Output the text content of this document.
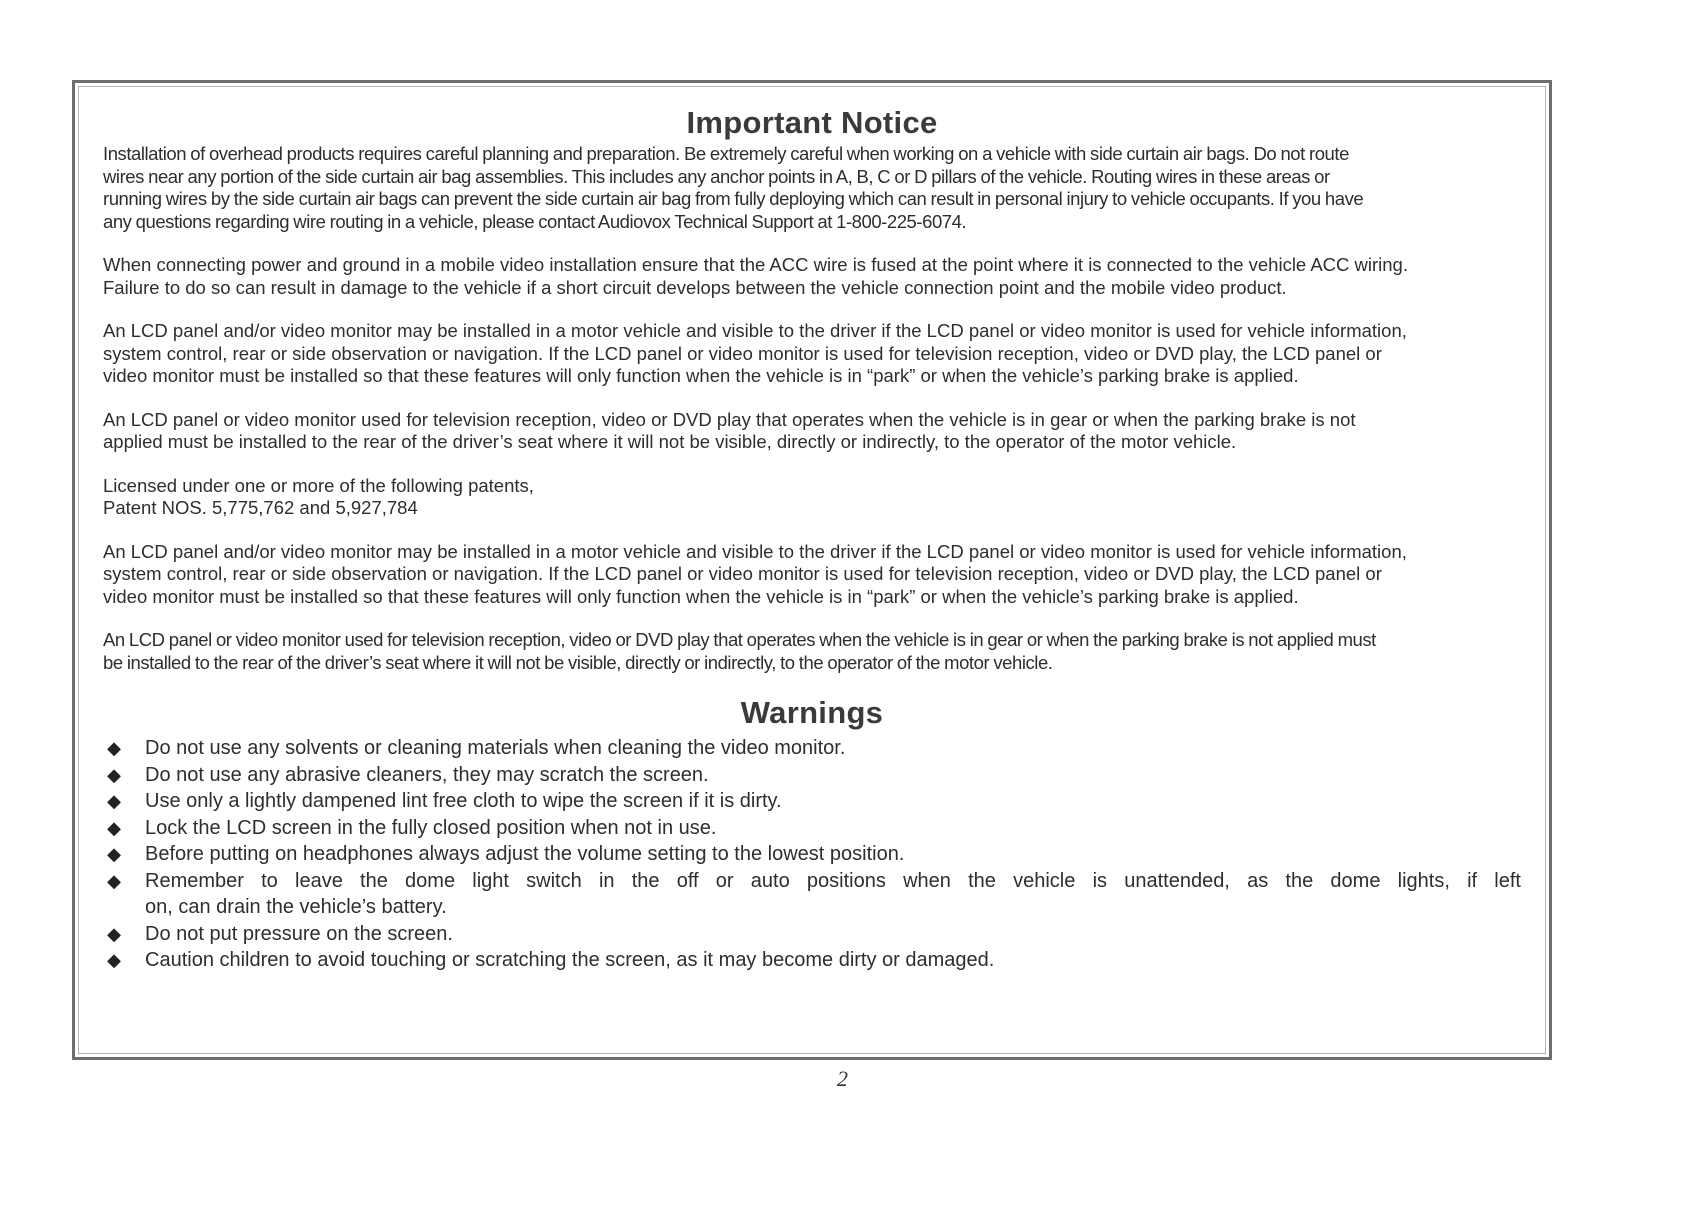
Important Notice

Installation of overhead products requires careful planning and preparation. Be extremely careful when working on a vehicle with side curtain air bags. Do not route
wires near any portion of the side curtain air bag assemblies. This includes any anchor points in A, B, C or D pillars of the vehicle. Routing wires in these areas or
running wires by the side curtain air bags can prevent the side curtain air bag from fully deploying which can result in personal injury to vehicle occupants. If you have
any questions regarding wire routing in a vehicle, please contact Audiovox Technical Support at 1-800-225-6074.

When connecting power and ground in a mobile video installation ensure that the ACC wire is fused at the point where it is connected to the vehicle ACC wiring.
Failure to do so can result in damage to the vehicle if a short circuit develops between the vehicle connection point and the mobile video product.

An LCD panel and/or video monitor may be installed in a motor vehicle and visible to the driver if the LCD panel or video monitor is used for vehicle information,
system control, rear or side observation or navigation. If the LCD panel or video monitor is used for television reception, video or DVD play, the LCD panel or
video monitor must be installed so that these features will only function when the vehicle is in “park” or when the vehicle’s parking brake is applied.

An LCD panel or video monitor used for television reception, video or DVD play that operates when the vehicle is in gear or when the parking brake is not
applied must be installed to the rear of the driver’s seat where it will not be visible, directly or indirectly, to the operator of the motor vehicle.

Licensed under one or more of the following patents,
Patent NOS. 5,775,762 and 5,927,784

An LCD panel and/or video monitor may be installed in a motor vehicle and visible to the driver if the LCD panel or video monitor is used for vehicle information,
system control, rear or side observation or navigation. If the LCD panel or video monitor is used for television reception, video or DVD play, the LCD panel or
video monitor must be installed so that these features will only function when the vehicle is in “park” or when the vehicle’s parking brake is applied.

An LCD panel or video monitor used for television reception, video or DVD play that operates when the vehicle is in gear or when the parking brake is not applied must
be installed to the rear of the driver’s seat where it will not be visible, directly or indirectly, to the operator of the motor vehicle.

Warnings
◆ Do not use any solvents or cleaning materials when cleaning the video monitor.
◆ Do not use any abrasive cleaners, they may scratch the screen.
◆ Use only a lightly dampened lint free cloth to wipe the screen if it is dirty.
◆ Lock the LCD screen in the fully closed position when not in use.
◆ Before putting on headphones always adjust the volume setting to the lowest position.
◆ Remember to leave the dome light switch in the off or auto positions when the vehicle is unattended, as the dome lights, if left
on, can drain the vehicle’s battery.
◆ Do not put pressure on the screen.
◆ Caution children to avoid touching or scratching the screen, as it may become dirty or damaged.
2
